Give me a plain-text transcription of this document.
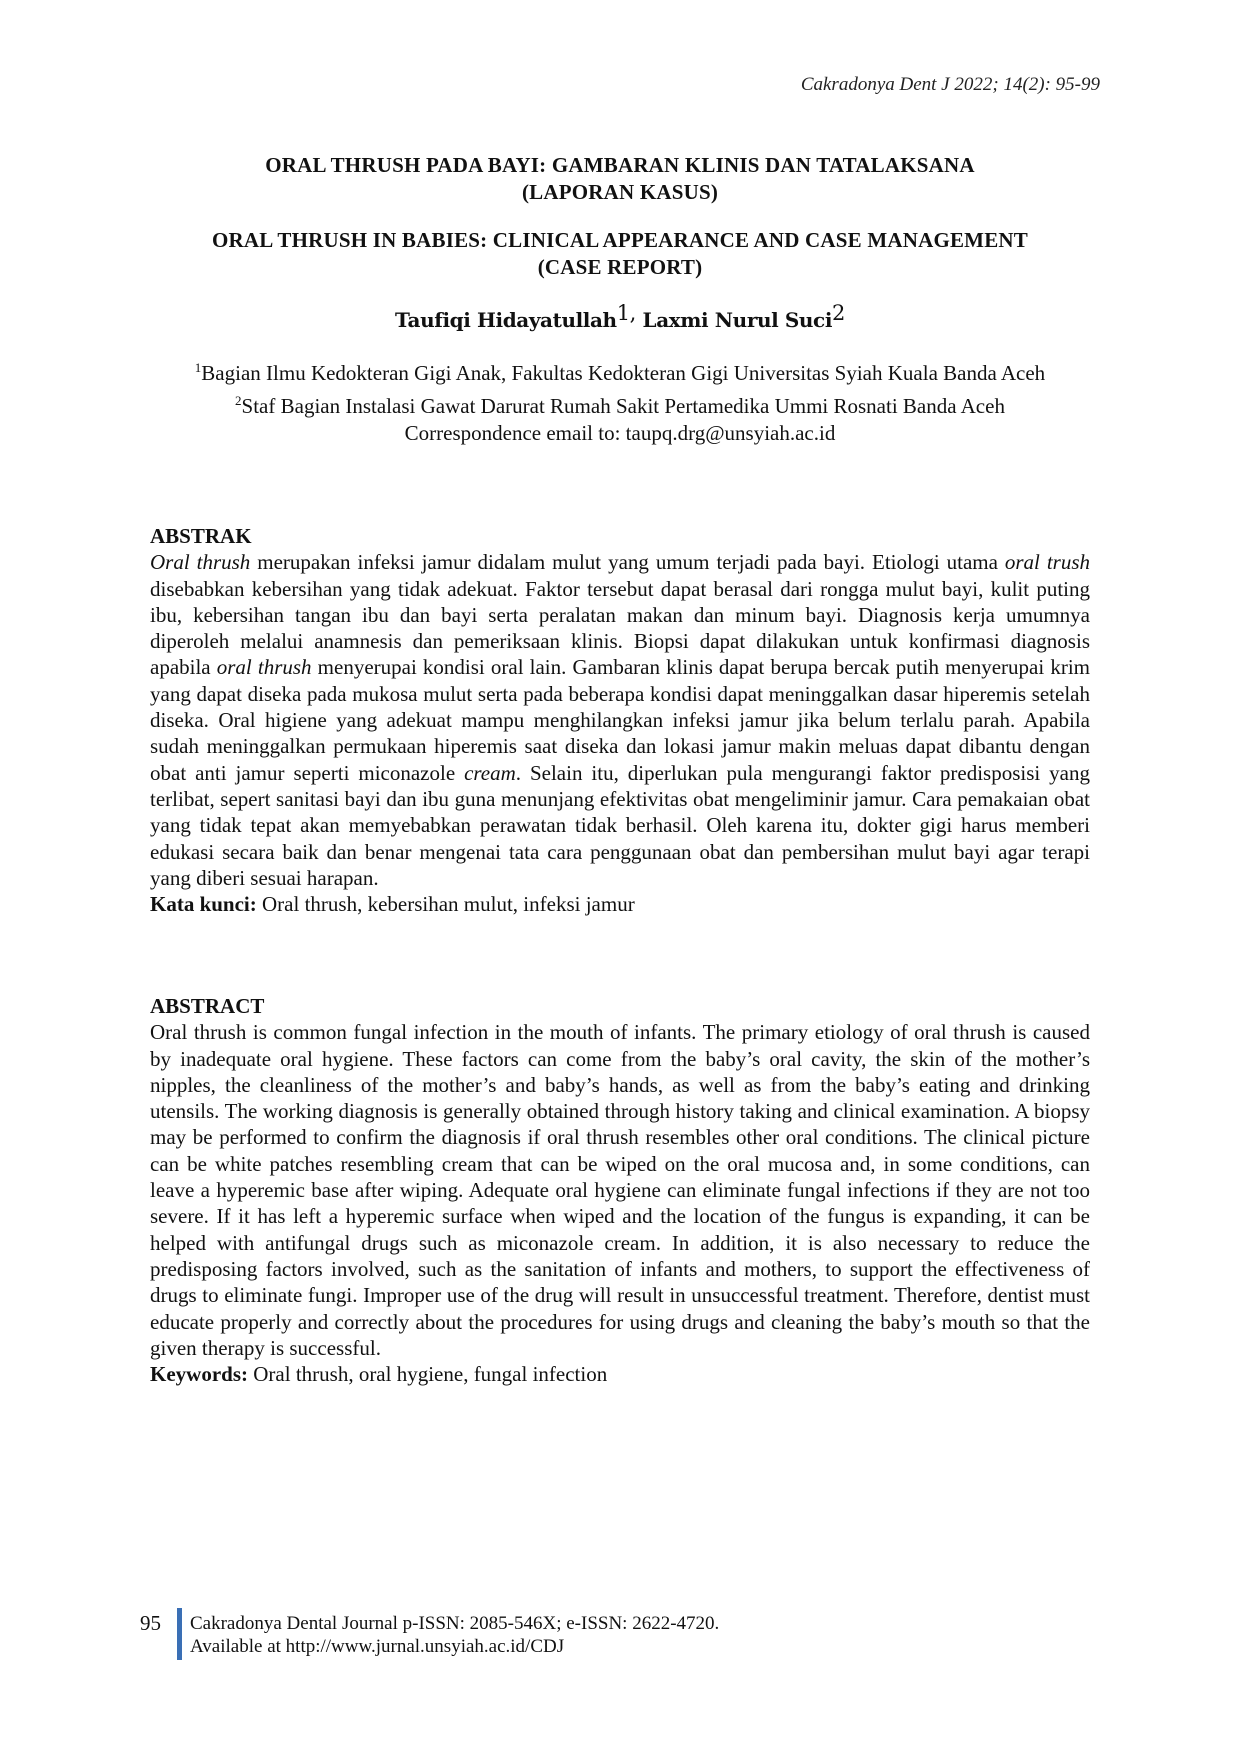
Cakradonya Dent J 2022; 14(2): 95-99
ORAL THRUSH PADA BAYI: GAMBARAN KLINIS DAN TATALAKSANA
(LAPORAN KASUS)
ORAL THRUSH IN BABIES: CLINICAL APPEARANCE AND CASE MANAGEMENT
(CASE REPORT)
Taufiqi Hidayatullah$^{1,}$ Laxmi Nurul Suci$^2$
$^1$Bagian Ilmu Kedokteran Gigi Anak, Fakultas Kedokteran Gigi Universitas Syiah Kuala Banda Aceh
$^2$Staf Bagian Instalasi Gawat Darurat Rumah Sakit Pertamedika Ummi Rosnati Banda Aceh
Correspondence email to: taupq.drg@unsyiah.ac.id
ABSTRAK

Oral thrush merupakan infeksi jamur didalam mulut yang umum terjadi pada bayi. Etiologi utama oral trush disebabkan kebersihan yang tidak adekuat. Faktor tersebut dapat berasal dari rongga mulut bayi, kulit puting ibu, kebersihan tangan ibu dan bayi serta peralatan makan dan minum bayi. Diagnosis kerja umumnya diperoleh melalui anamnesis dan pemeriksaan klinis. Biopsi dapat dilakukan untuk konfirmasi diagnosis apabila oral thrush menyerupai kondisi oral lain. Gambaran klinis dapat berupa bercak putih menyerupai krim yang dapat diseka pada mukosa mulut serta pada beberapa kondisi dapat meninggalkan dasar hiperemis setelah diseka. Oral higiene yang adekuat mampu menghilangkan infeksi jamur jika belum terlalu parah. Apabila sudah meninggalkan permukaan hiperemis saat diseka dan lokasi jamur makin meluas dapat dibantu dengan obat anti jamur seperti miconazole cream. Selain itu, diperlukan pula mengurangi faktor predisposisi yang terlibat, sepert sanitasi bayi dan ibu guna menunjang efektivitas obat mengeliminir jamur. Cara pemakaian obat yang tidak tepat akan memyebabkan perawatan tidak berhasil. Oleh karena itu, dokter gigi harus memberi edukasi secara baik dan benar mengenai tata cara penggunaan obat dan pembersihan mulut bayi agar terapi yang diberi sesuai harapan.

Kata kunci: Oral thrush, kebersihan mulut, infeksi jamur

ABSTRACT

Oral thrush is common fungal infection in the mouth of infants. The primary etiology of oral thrush is caused by inadequate oral hygiene. These factors can come from the baby’s oral cavity, the skin of the mother’s nipples, the cleanliness of the mother’s and baby’s hands, as well as from the baby’s eating and drinking utensils. The working diagnosis is generally obtained through history taking and clinical examination. A biopsy may be performed to confirm the diagnosis if oral thrush resembles other oral conditions. The clinical picture can be white patches resembling cream that can be wiped on the oral mucosa and, in some conditions, can leave a hyperemic base after wiping. Adequate oral hygiene can eliminate fungal infections if they are not too severe. If it has left a hyperemic surface when wiped and the location of the fungus is expanding, it can be helped with antifungal drugs such as miconazole cream. In addition, it is also necessary to reduce the predisposing factors involved, such as the sanitation of infants and mothers, to support the effectiveness of drugs to eliminate fungi. Improper use of the drug will result in unsuccessful treatment. Therefore, dentist must educate properly and correctly about the procedures for using drugs and cleaning the baby’s mouth so that the given therapy is successful.

Keywords: Oral thrush, oral hygiene, fungal infection

95 Cakradonya Dental Journal p-ISSN: 2085-546X; e-ISSN: 2622-4720.
Available at http://www.jurnal.unsyiah.ac.id/CDJ
